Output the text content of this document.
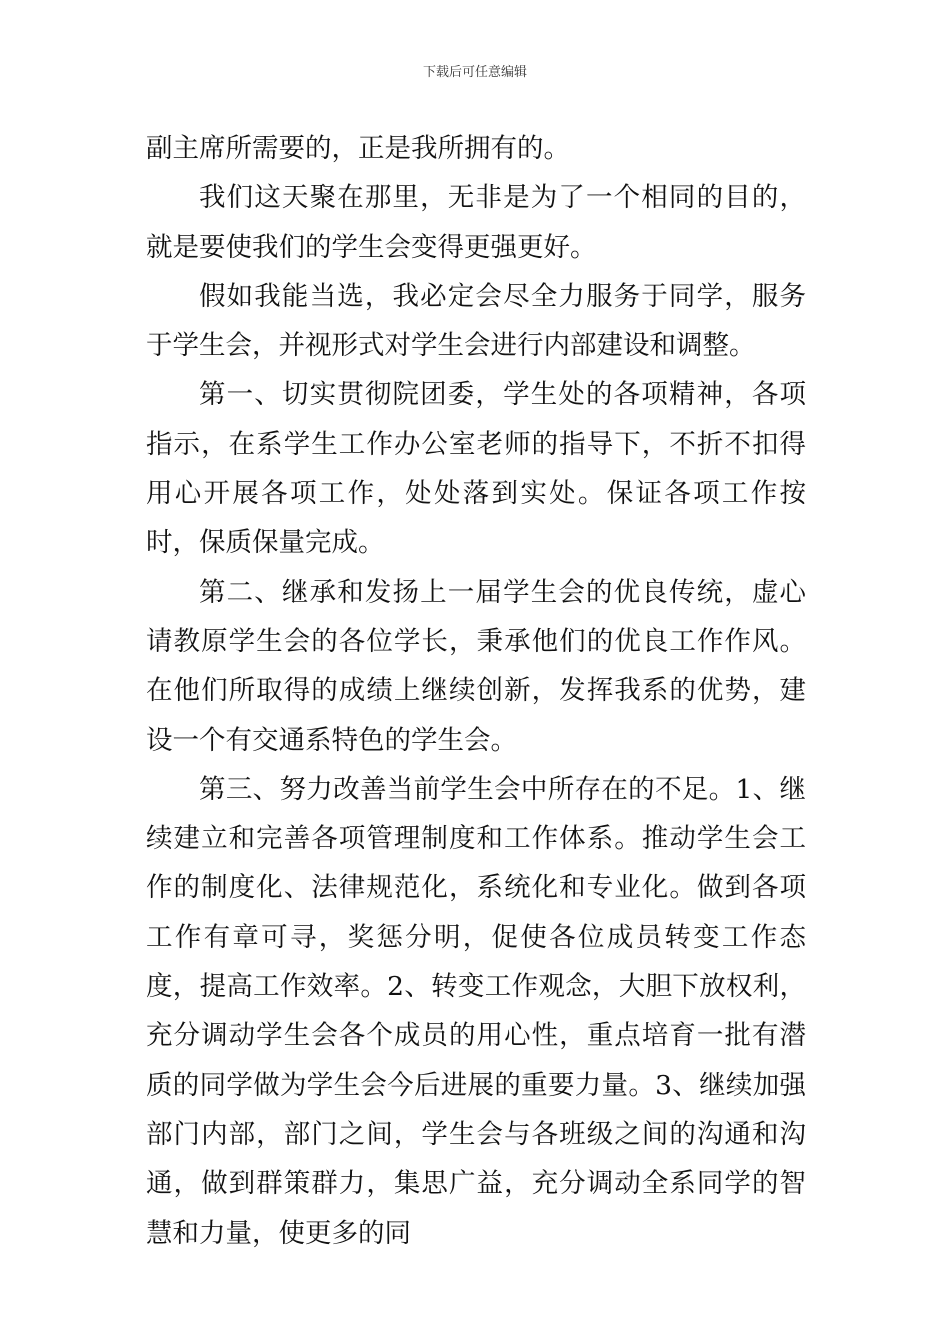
下载后可任意编辑

副主席所需要的，正是我所拥有的。

我们这天聚在那里，无非是为了一个相同的目的，就是要使我们的学生会变得更强更好。

假如我能当选，我必定会尽全力服务于同学，服务于学生会，并视形式对学生会进行内部建设和调整。

第一、切实贯彻院团委，学生处的各项精神，各项指示，在系学生工作办公室老师的指导下，不折不扣得用心开展各项工作，处处落到实处。保证各项工作按时，保质保量完成。

第二、继承和发扬上一届学生会的优良传统，虚心请教原学生会的各位学长，秉承他们的优良工作作风。在他们所取得的成绩上继续创新，发挥我系的优势，建设一个有交通系特色的学生会。

第三、努力改善当前学生会中所存在的不足。1、继续建立和完善各项管理制度和工作体系。推动学生会工作的制度化、法律规范化，系统化和专业化。做到各项工作有章可寻，奖惩分明，促使各位成员转变工作态度，提高工作效率。2、转变工作观念，大胆下放权利，充分调动学生会各个成员的用心性，重点培育一批有潜质的同学做为学生会今后进展的重要力量。3、继续加强部门内部，部门之间，学生会与各班级之间的沟通和沟通，做到群策群力，集思广益，充分调动全系同学的智慧和力量，使更多的同
